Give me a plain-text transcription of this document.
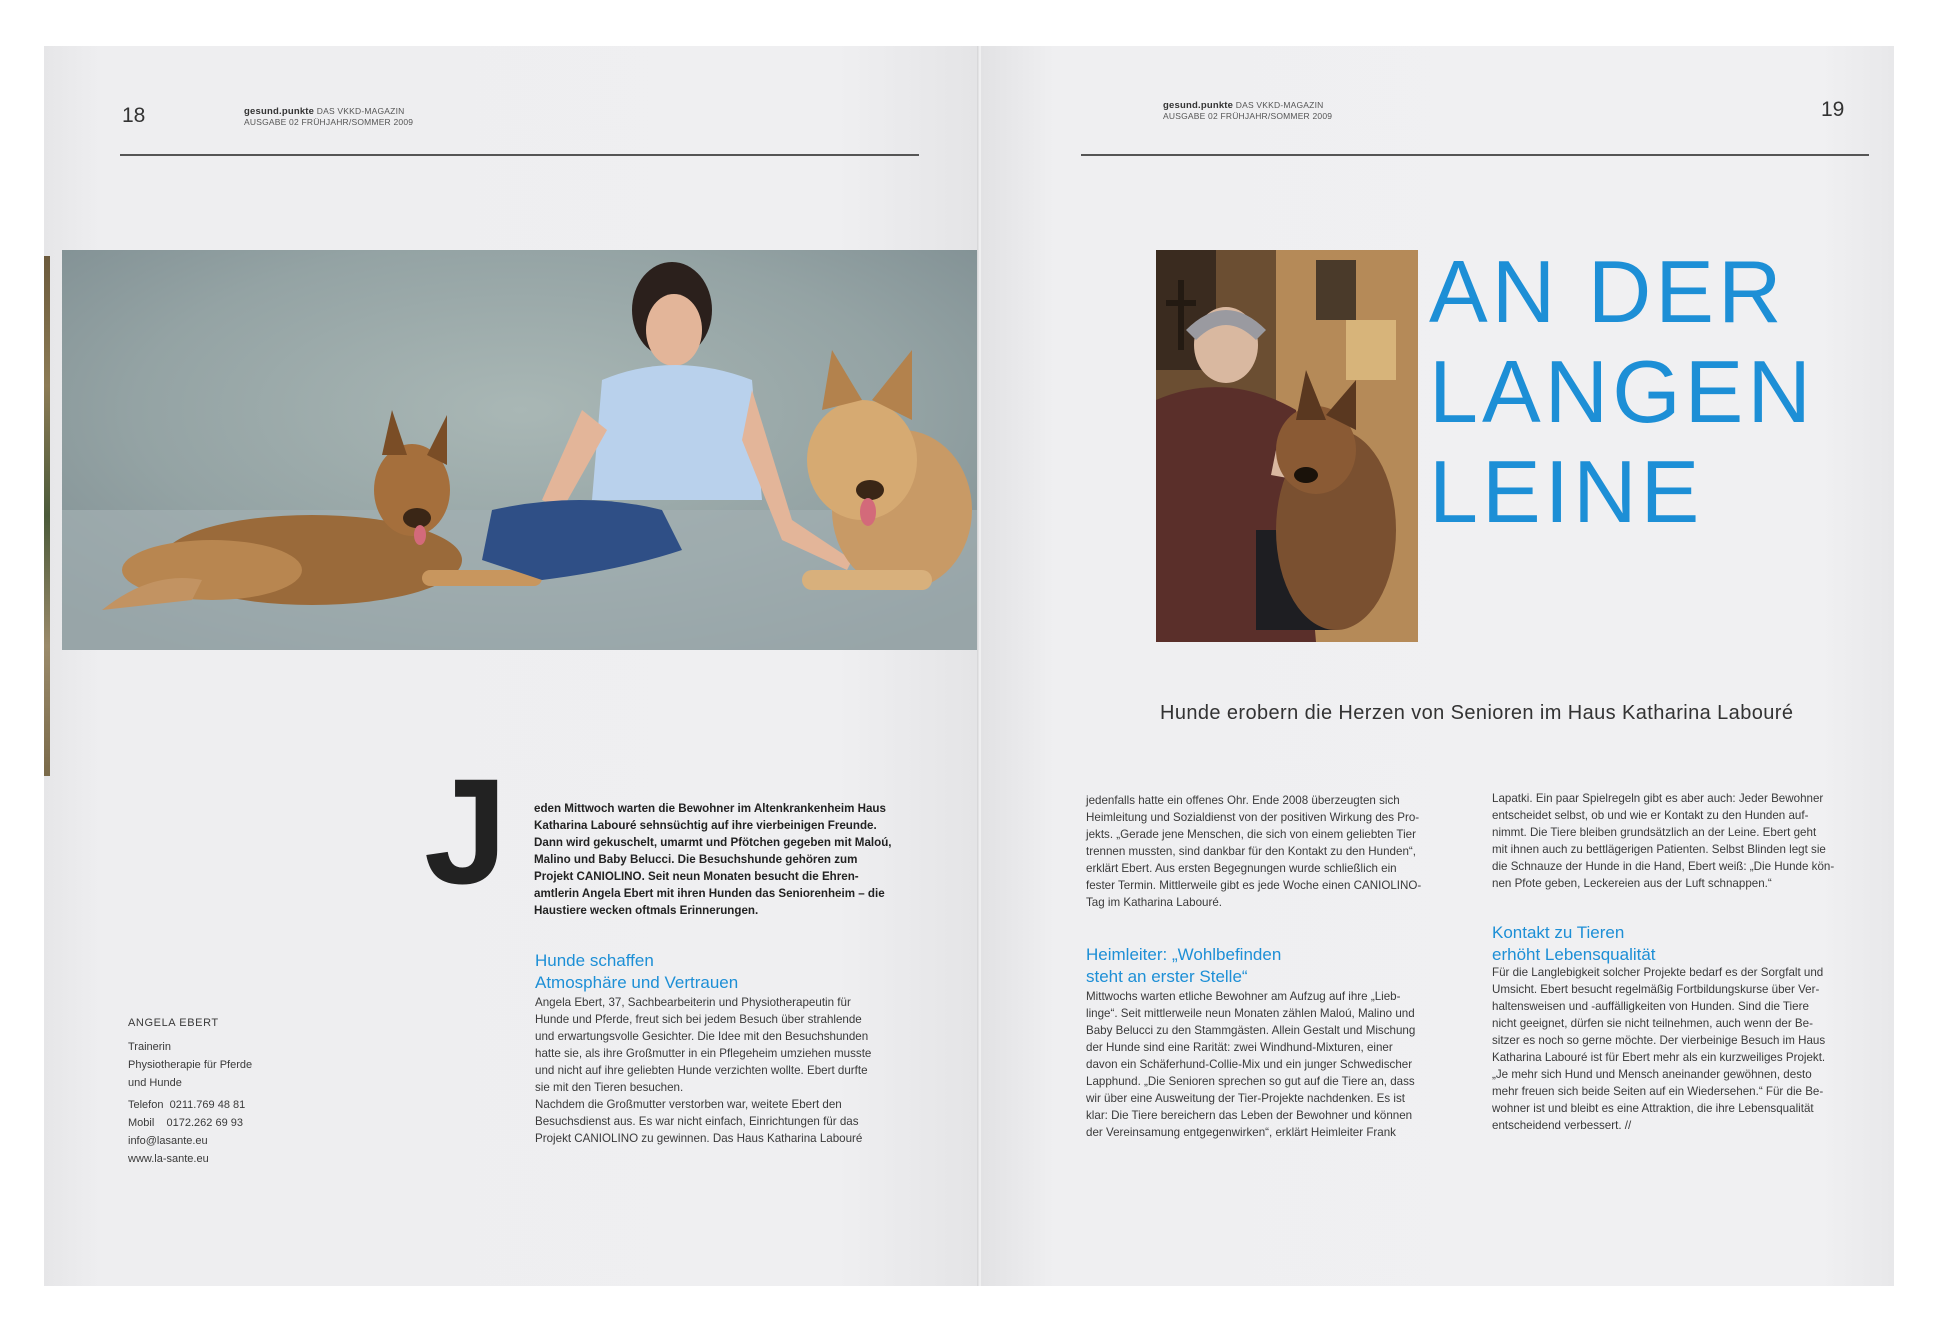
18	gesund.punkte DAS VKKD-MAGAZIN
AUSGABE 02 FRÜHJAHR/SOMMER 2009
J eden Mittwoch warten die Bewohner im Altenkrankenheim Haus
Katharina Labouré sehnsüchtig auf ihre vierbeinigen Freunde.
Dann wird gekuschelt, umarmt und Pfötchen gegeben mit Maloú,
Malino und Baby Belucci. Die Besuchshunde gehören zum
Projekt CANIOLINO. Seit neun Monaten besucht die Ehren-
amtlerin Angela Ebert mit ihren Hunden das Seniorenheim – die
Haustiere wecken oftmals Erinnerungen.
Hunde schaffen
Atmosphäre und Vertrauen
Angela Ebert, 37, Sachbearbeiterin und Physiotherapeutin für
Hunde und Pferde, freut sich bei jedem Besuch über strahlende
und erwartungsvolle Gesichter. Die Idee mit den Besuchshunden
hatte sie, als ihre Großmutter in ein Pflegeheim umziehen musste
und nicht auf ihre geliebten Hunde verzichten wollte. Ebert durfte
sie mit den Tieren besuchen.
Nachdem die Großmutter verstorben war, weitete Ebert den
Besuchsdienst aus. Es war nicht einfach, Einrichtungen für das
Projekt CANIOLINO zu gewinnen. Das Haus Katharina Labouré
ANGELA EBERT
Trainerin
Physiotherapie für Pferde
und Hunde
Telefon  0211.769 48 81
Mobil    0172.262 69 93
info@lasante.eu
www.la-sante.eu
gesund.punkte DAS VKKD-MAGAZIN
AUSGABE 02 FRÜHJAHR/SOMMER 2009	19
AN DER
LANGEN
LEINE
Hunde erobern die Herzen von Senioren im Haus Katharina Labouré
jedenfalls hatte ein offenes Ohr. Ende 2008 überzeugten sich
Heimleitung und Sozialdienst von der positiven Wirkung des Pro-
jekts. „Gerade jene Menschen, die sich von einem geliebten Tier
trennen mussten, sind dankbar für den Kontakt zu den Hunden“,
erklärt Ebert. Aus ersten Begegnungen wurde schließlich ein
fester Termin. Mittlerweile gibt es jede Woche einen CANIOLINO-
Tag im Katharina Labouré.
Heimleiter: „Wohlbefinden
steht an erster Stelle“
Mittwochs warten etliche Bewohner am Aufzug auf ihre „Lieb-
linge“. Seit mittlerweile neun Monaten zählen Maloú, Malino und
Baby Belucci zu den Stammgästen. Allein Gestalt und Mischung
der Hunde sind eine Rarität: zwei Windhund-Mixturen, einer
davon ein Schäferhund-Collie-Mix und ein junger Schwedischer
Lapphund. „Die Senioren sprechen so gut auf die Tiere an, dass
wir über eine Ausweitung der Tier-Projekte nachdenken. Es ist
klar: Die Tiere bereichern das Leben der Bewohner und können
der Vereinsamung entgegenwirken“, erklärt Heimleiter Frank
Lapatki. Ein paar Spielregeln gibt es aber auch: Jeder Bewohner
entscheidet selbst, ob und wie er Kontakt zu den Hunden auf-
nimmt. Die Tiere bleiben grundsätzlich an der Leine. Ebert geht
mit ihnen auch zu bettlägerigen Patienten. Selbst Blinden legt sie
die Schnauze der Hunde in die Hand, Ebert weiß: „Die Hunde kön-
nen Pfote geben, Leckereien aus der Luft schnappen.“
Kontakt zu Tieren
erhöht Lebensqualität
Für die Langlebigkeit solcher Projekte bedarf es der Sorgfalt und
Umsicht. Ebert besucht regelmäßig Fortbildungskurse über Ver-
haltensweisen und -auffälligkeiten von Hunden. Sind die Tiere
nicht geeignet, dürfen sie nicht teilnehmen, auch wenn der Be-
sitzer es noch so gerne möchte. Der vierbeinige Besuch im Haus
Katharina Labouré ist für Ebert mehr als ein kurzweiliges Projekt.
„Je mehr sich Hund und Mensch aneinander gewöhnen, desto
mehr freuen sich beide Seiten auf ein Wiedersehen.“ Für die Be-
wohner ist und bleibt es eine Attraktion, die ihre Lebensqualität
entscheidend verbessert. //
